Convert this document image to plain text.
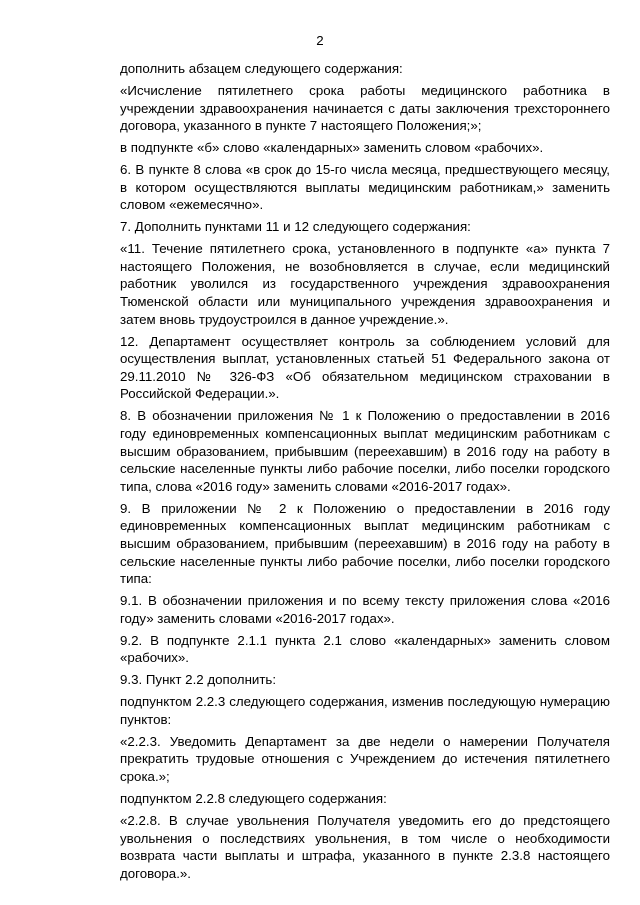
2

дополнить абзацем следующего содержания:

«Исчисление пятилетнего срока работы медицинского работника в учреждении здравоохранения начинается с даты заключения трехстороннего договора, указанного в пункте 7 настоящего Положения;»;

в подпункте «б» слово «календарных» заменить словом «рабочих».

6. В пункте 8 слова «в срок до 15-го числа месяца, предшествующего месяцу, в котором осуществляются выплаты медицинским работникам,» заменить словом «ежемесячно».

7. Дополнить пунктами 11 и 12 следующего содержания:

«11. Течение пятилетнего срока, установленного в подпункте «а» пункта 7 настоящего Положения, не возобновляется в случае, если медицинский работник уволился из государственного учреждения здравоохранения Тюменской области или муниципального учреждения здравоохранения и затем вновь трудоустроился в данное учреждение.».

12. Департамент осуществляет контроль за соблюдением условий для осуществления выплат, установленных статьей 51 Федерального закона от 29.11.2010 № 326-ФЗ «Об обязательном медицинском страховании в Российской Федерации.».

8. В обозначении приложения № 1 к Положению о предоставлении в 2016 году единовременных компенсационных выплат медицинским работникам с высшим образованием, прибывшим (переехавшим) в 2016 году на работу в сельские населенные пункты либо рабочие поселки, либо поселки городского типа, слова «2016 году» заменить словами «2016-2017 годах».

9. В приложении № 2 к Положению о предоставлении в 2016 году единовременных компенсационных выплат медицинским работникам с высшим образованием, прибывшим (переехавшим) в 2016 году на работу в сельские населенные пункты либо рабочие поселки, либо поселки городского типа:

9.1. В обозначении приложения и по всему тексту приложения слова «2016 году» заменить словами «2016-2017 годах».

9.2. В подпункте 2.1.1 пункта 2.1 слово «календарных» заменить словом «рабочих».

9.3. Пункт 2.2 дополнить:

подпунктом 2.2.3 следующего содержания, изменив последующую нумерацию пунктов:

«2.2.3. Уведомить Департамент за две недели о намерении Получателя прекратить трудовые отношения с Учреждением до истечения пятилетнего срока.»;

подпунктом 2.2.8 следующего содержания:

«2.2.8. В случае увольнения Получателя уведомить его до предстоящего увольнения о последствиях увольнения, в том числе о необходимости возврата части выплаты и штрафа, указанного в пункте 2.3.8 настоящего договора.».
